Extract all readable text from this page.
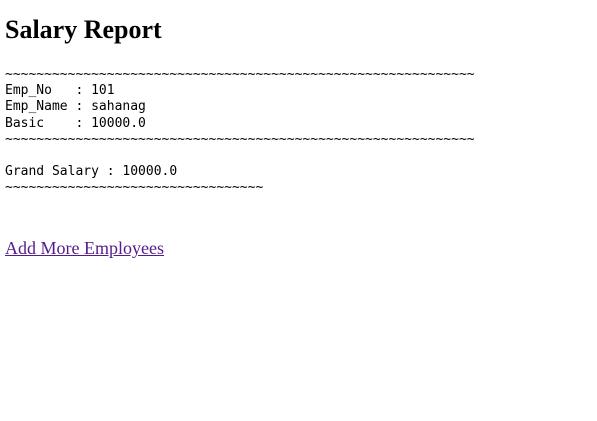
Salary Report
~~~~~~~~~~~~~~~~~~~~~~~~~~~~~~~~~~~~~~~~~~~~~~~~~~~~~~~~~~~~
Emp_No   : 101
Emp_Name : sahanag
Basic    : 10000.0
~~~~~~~~~~~~~~~~~~~~~~~~~~~~~~~~~~~~~~~~~~~~~~~~~~~~~~~~~~~~
Grand Salary : 10000.0
~~~~~~~~~~~~~~~~~~~~~~~~~~~~~~~~~
Add More Employees
